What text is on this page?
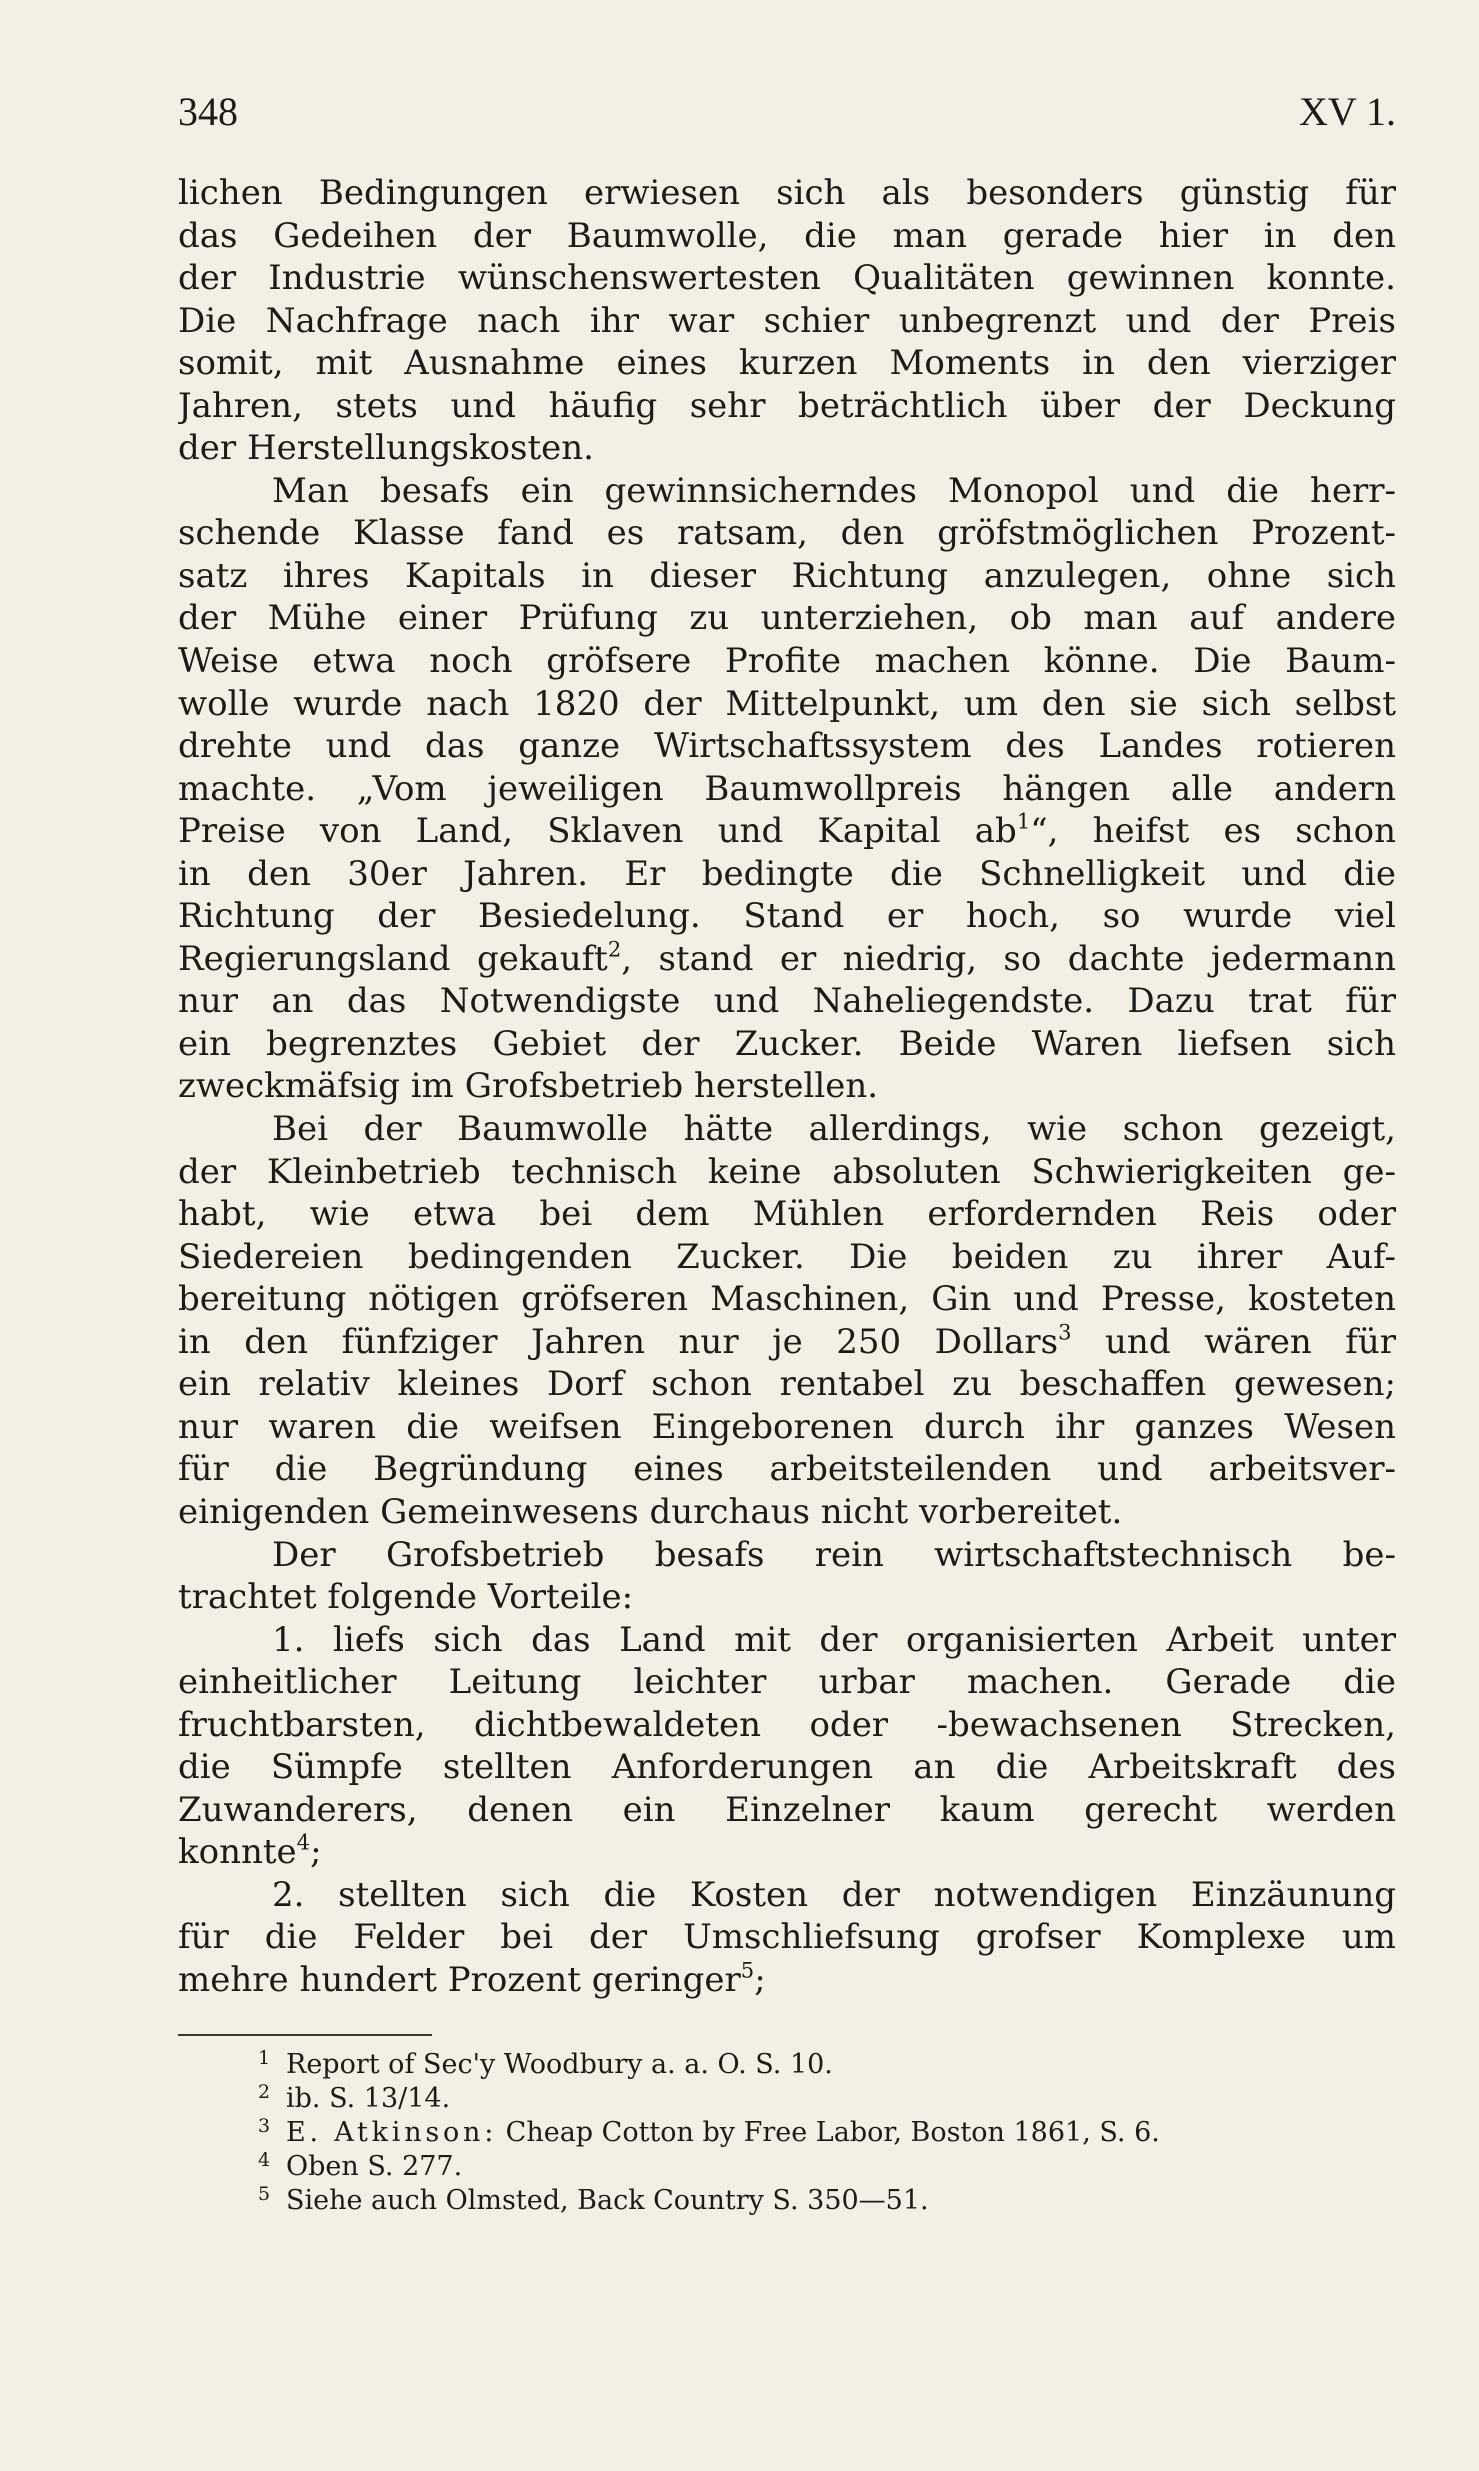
348	XV 1.

lichen Bedingungen erwiesen sich als besonders günstig für
das Gedeihen der Baumwolle, die man gerade hier in den
der Industrie wünschenswertesten Qualitäten gewinnen konnte.
Die Nachfrage nach ihr war schier unbegrenzt und der Preis
somit, mit Ausnahme eines kurzen Moments in den vierziger
Jahren, stets und häufig sehr beträchtlich über der Deckung
der Herstellungskosten.

Man besafs ein gewinnsicherndes Monopol und die herr-
schende Klasse fand es ratsam, den gröfstmöglichen Prozent-
satz ihres Kapitals in dieser Richtung anzulegen, ohne sich
der Mühe einer Prüfung zu unterziehen, ob man auf andere
Weise etwa noch gröfsere Profite machen könne. Die Baum-
wolle wurde nach 1820 der Mittelpunkt, um den sie sich selbst
drehte und das ganze Wirtschaftssystem des Landes rotieren
machte. „Vom jeweiligen Baumwollpreis hängen alle andern
Preise von Land, Sklaven und Kapital $ab^1“$, heifst es schon
in den 30er Jahren. Er bedingte die Schnelligkeit und die
Richtung der Besiedelung. Stand er hoch, so wurde viel
Regierungsland gekauft$^2$, stand er niedrig, so dachte jedermann
nur an das Notwendigste und Naheliegendste. Dazu trat für
ein begrenztes Gebiet der Zucker. Beide Waren liefsen sich
zweckmäfsig im Grofsbetrieb herstellen.

Bei der Baumwolle hätte allerdings, wie schon gezeigt,
der Kleinbetrieb technisch keine absoluten Schwierigkeiten ge-
habt, wie etwa bei dem Mühlen erfordernden Reis oder
Siedereien bedingenden Zucker. Die beiden zu ihrer Auf-
bereitung nötigen gröfseren Maschinen, Gin und Presse, kosteten
in den fünfziger Jahren nur je 250 Dollars$^3$ und wären für
ein relativ kleines Dorf schon rentabel zu beschaffen gewesen;
nur waren die weifsen Eingeborenen durch ihr ganzes Wesen
für die Begründung eines arbeitsteilenden und arbeitsver-
einigenden Gemeinwesens durchaus nicht vorbereitet.

Der Grofsbetrieb besafs rein wirtschaftstechnisch be-
trachtet folgende Vorteile:

1. liefs sich das Land mit der organisierten Arbeit unter
einheitlicher Leitung leichter urbar machen. Gerade die
fruchtbarsten, dichtbewaldeten oder -bewachsenen Strecken,
die Sümpfe stellten Anforderungen an die Arbeitskraft des
Zuwanderers, denen ein Einzelner kaum gerecht werden
konnte$^4$;

2. stellten sich die Kosten der notwendigen Einzäunung
für die Felder bei der Umschliefsung grofser Komplexe um
mehre hundert Prozent geringer$^5$;

1 Report of Sec'y Woodbury a. a. O. S. 10.
2 ib. S. 13/14.
3 E. Atkinson: Cheap Cotton by Free Labor, Boston 1861, S. 6.
4 Oben S. 277.
5 Siehe auch Olmsted, Back Country S. 350—51.
